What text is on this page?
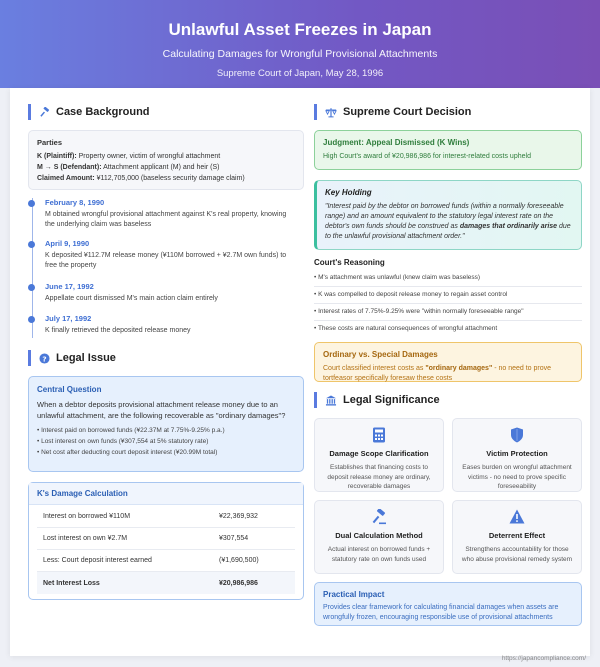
Unlawful Asset Freezes in Japan
Calculating Damages for Wrongful Provisional Attachments
Supreme Court of Japan, May 28, 1996
Case Background
Parties
K (Plaintiff): Property owner, victim of wrongful attachment
M → S (Defendant): Attachment applicant (M) and heir (S)
Claimed Amount: ¥112,705,000 (baseless security damage claim)
February 8, 1990
M obtained wrongful provisional attachment against K's real property, knowing the underlying claim was baseless
April 9, 1990
K deposited ¥112.7M release money (¥110M borrowed + ¥2.7M own funds) to free the property
June 17, 1992
Appellate court dismissed M's main action claim entirely
July 17, 1992
K finally retrieved the deposited release money
? Legal Issue
Central Question

When a debtor deposits provisional attachment release money due to an unlawful attachment, are the following recoverable as "ordinary damages"?

• Interest paid on borrowed funds (¥22.37M at 7.75%-9.25% p.a.)
• Lost interest on own funds (¥307,554 at 5% statutory rate)
• Net cost after deducting court deposit interest (¥20.99M total)
K's Damage Calculation
Interest on borrowed ¥110M	¥22,369,932
Lost interest on own ¥2.7M	¥307,554
Less: Court deposit interest earned	(¥1,690,500)
Net Interest Loss	¥20,986,986
Supreme Court Decision
Judgment: Appeal Dismissed (K Wins)

High Court's award of ¥20,986,986 for interest-related costs upheld

Key Holding

"Interest paid by the debtor on borrowed funds (within a normally foreseeable range) and an amount equivalent to the statutory legal interest rate on the debtor's own funds should be construed as damages that ordinarily arise due to the unlawful provisional attachment order."

Court's Reasoning
• M's attachment was unlawful (knew claim was baseless)
• K was compelled to deposit release money to regain asset control
• Interest rates of 7.75%-9.25% were "within normally foreseeable range"
• These costs are natural consequences of wrongful attachment
Ordinary vs. Special Damages

Court classified interest costs as "ordinary damages" - no need to prove tortfeasor specifically foresaw these costs

Legal Significance
Damage Scope Clarification
Establishes that financing costs to deposit release money are ordinary, recoverable damages
Victim Protection
Eases burden on wrongful attachment victims - no need to prove specific foreseeability
Dual Calculation Method
Actual interest on borrowed funds + statutory rate on own funds used
Deterrent Effect
Strengthens accountability for those who abuse provisional remedy system
Practical Impact

Provides clear framework for calculating financial damages when assets are wrongfully frozen, encouraging responsible use of provisional attachments

https://japancompliance.com/
